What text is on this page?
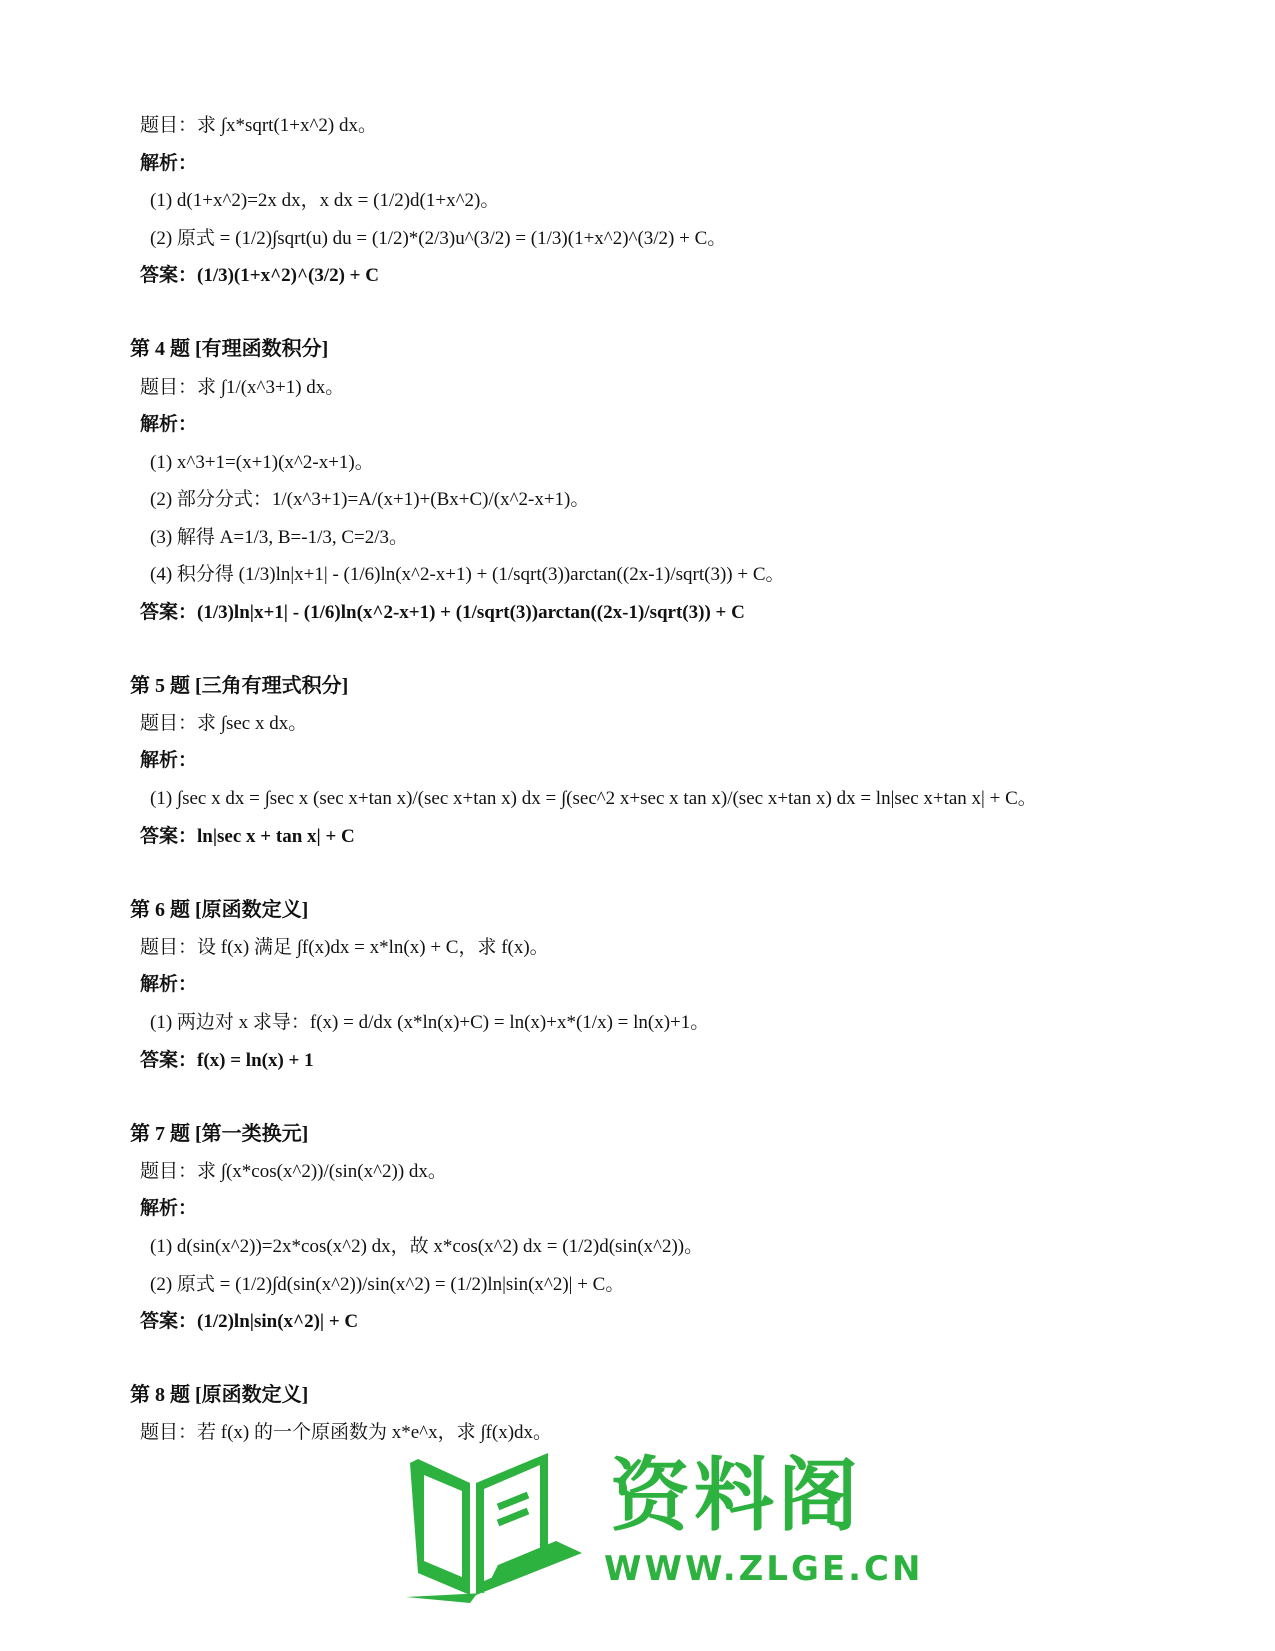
题目：求 ∫x*sqrt(1+x^2) dx。
解析：
(1) d(1+x^2)=2x dx，x dx = (1/2)d(1+x^2)。
(2) 原式 = (1/2)∫sqrt(u) du = (1/2)*(2/3)u^(3/2) = (1/3)(1+x^2)^(3/2) + C。
答案：(1/3)(1+x^2)^(3/2) + C
第 4 题 [有理函数积分]
题目：求 ∫1/(x^3+1) dx。
解析：
(1) x^3+1=(x+1)(x^2-x+1)。
(2) 部分分式：1/(x^3+1)=A/(x+1)+(Bx+C)/(x^2-x+1)。
(3) 解得 A=1/3, B=-1/3, C=2/3。
(4) 积分得 (1/3)ln|x+1| - (1/6)ln(x^2-x+1) + (1/sqrt(3))arctan((2x-1)/sqrt(3)) + C。
答案：(1/3)ln|x+1| - (1/6)ln(x^2-x+1) + (1/sqrt(3))arctan((2x-1)/sqrt(3)) + C
第 5 题 [三角有理式积分]
题目：求 ∫sec x dx。
解析：
(1) ∫sec x dx = ∫sec x (sec x+tan x)/(sec x+tan x) dx = ∫(sec^2 x+sec x tan x)/(sec x+tan x) dx = ln|sec x+tan x| + C。
答案：ln|sec x + tan x| + C
第 6 题 [原函数定义]
题目：设 f(x) 满足 ∫f(x)dx = x*ln(x) + C，求 f(x)。
解析：
(1) 两边对 x 求导：f(x) = d/dx (x*ln(x)+C) = ln(x)+x*(1/x) = ln(x)+1。
答案：f(x) = ln(x) + 1
第 7 题 [第一类换元]
题目：求 ∫(x*cos(x^2))/(sin(x^2)) dx。
解析：
(1) d(sin(x^2))=2x*cos(x^2) dx，故 x*cos(x^2) dx = (1/2)d(sin(x^2))。
(2) 原式 = (1/2)∫d(sin(x^2))/sin(x^2) = (1/2)ln|sin(x^2)| + C。
答案：(1/2)ln|sin(x^2)| + C
第 8 题 [原函数定义]
题目：若 f(x) 的一个原函数为 x*e^x，求 ∫f(x)dx。
资料阁
WWW.ZLGE.CN
